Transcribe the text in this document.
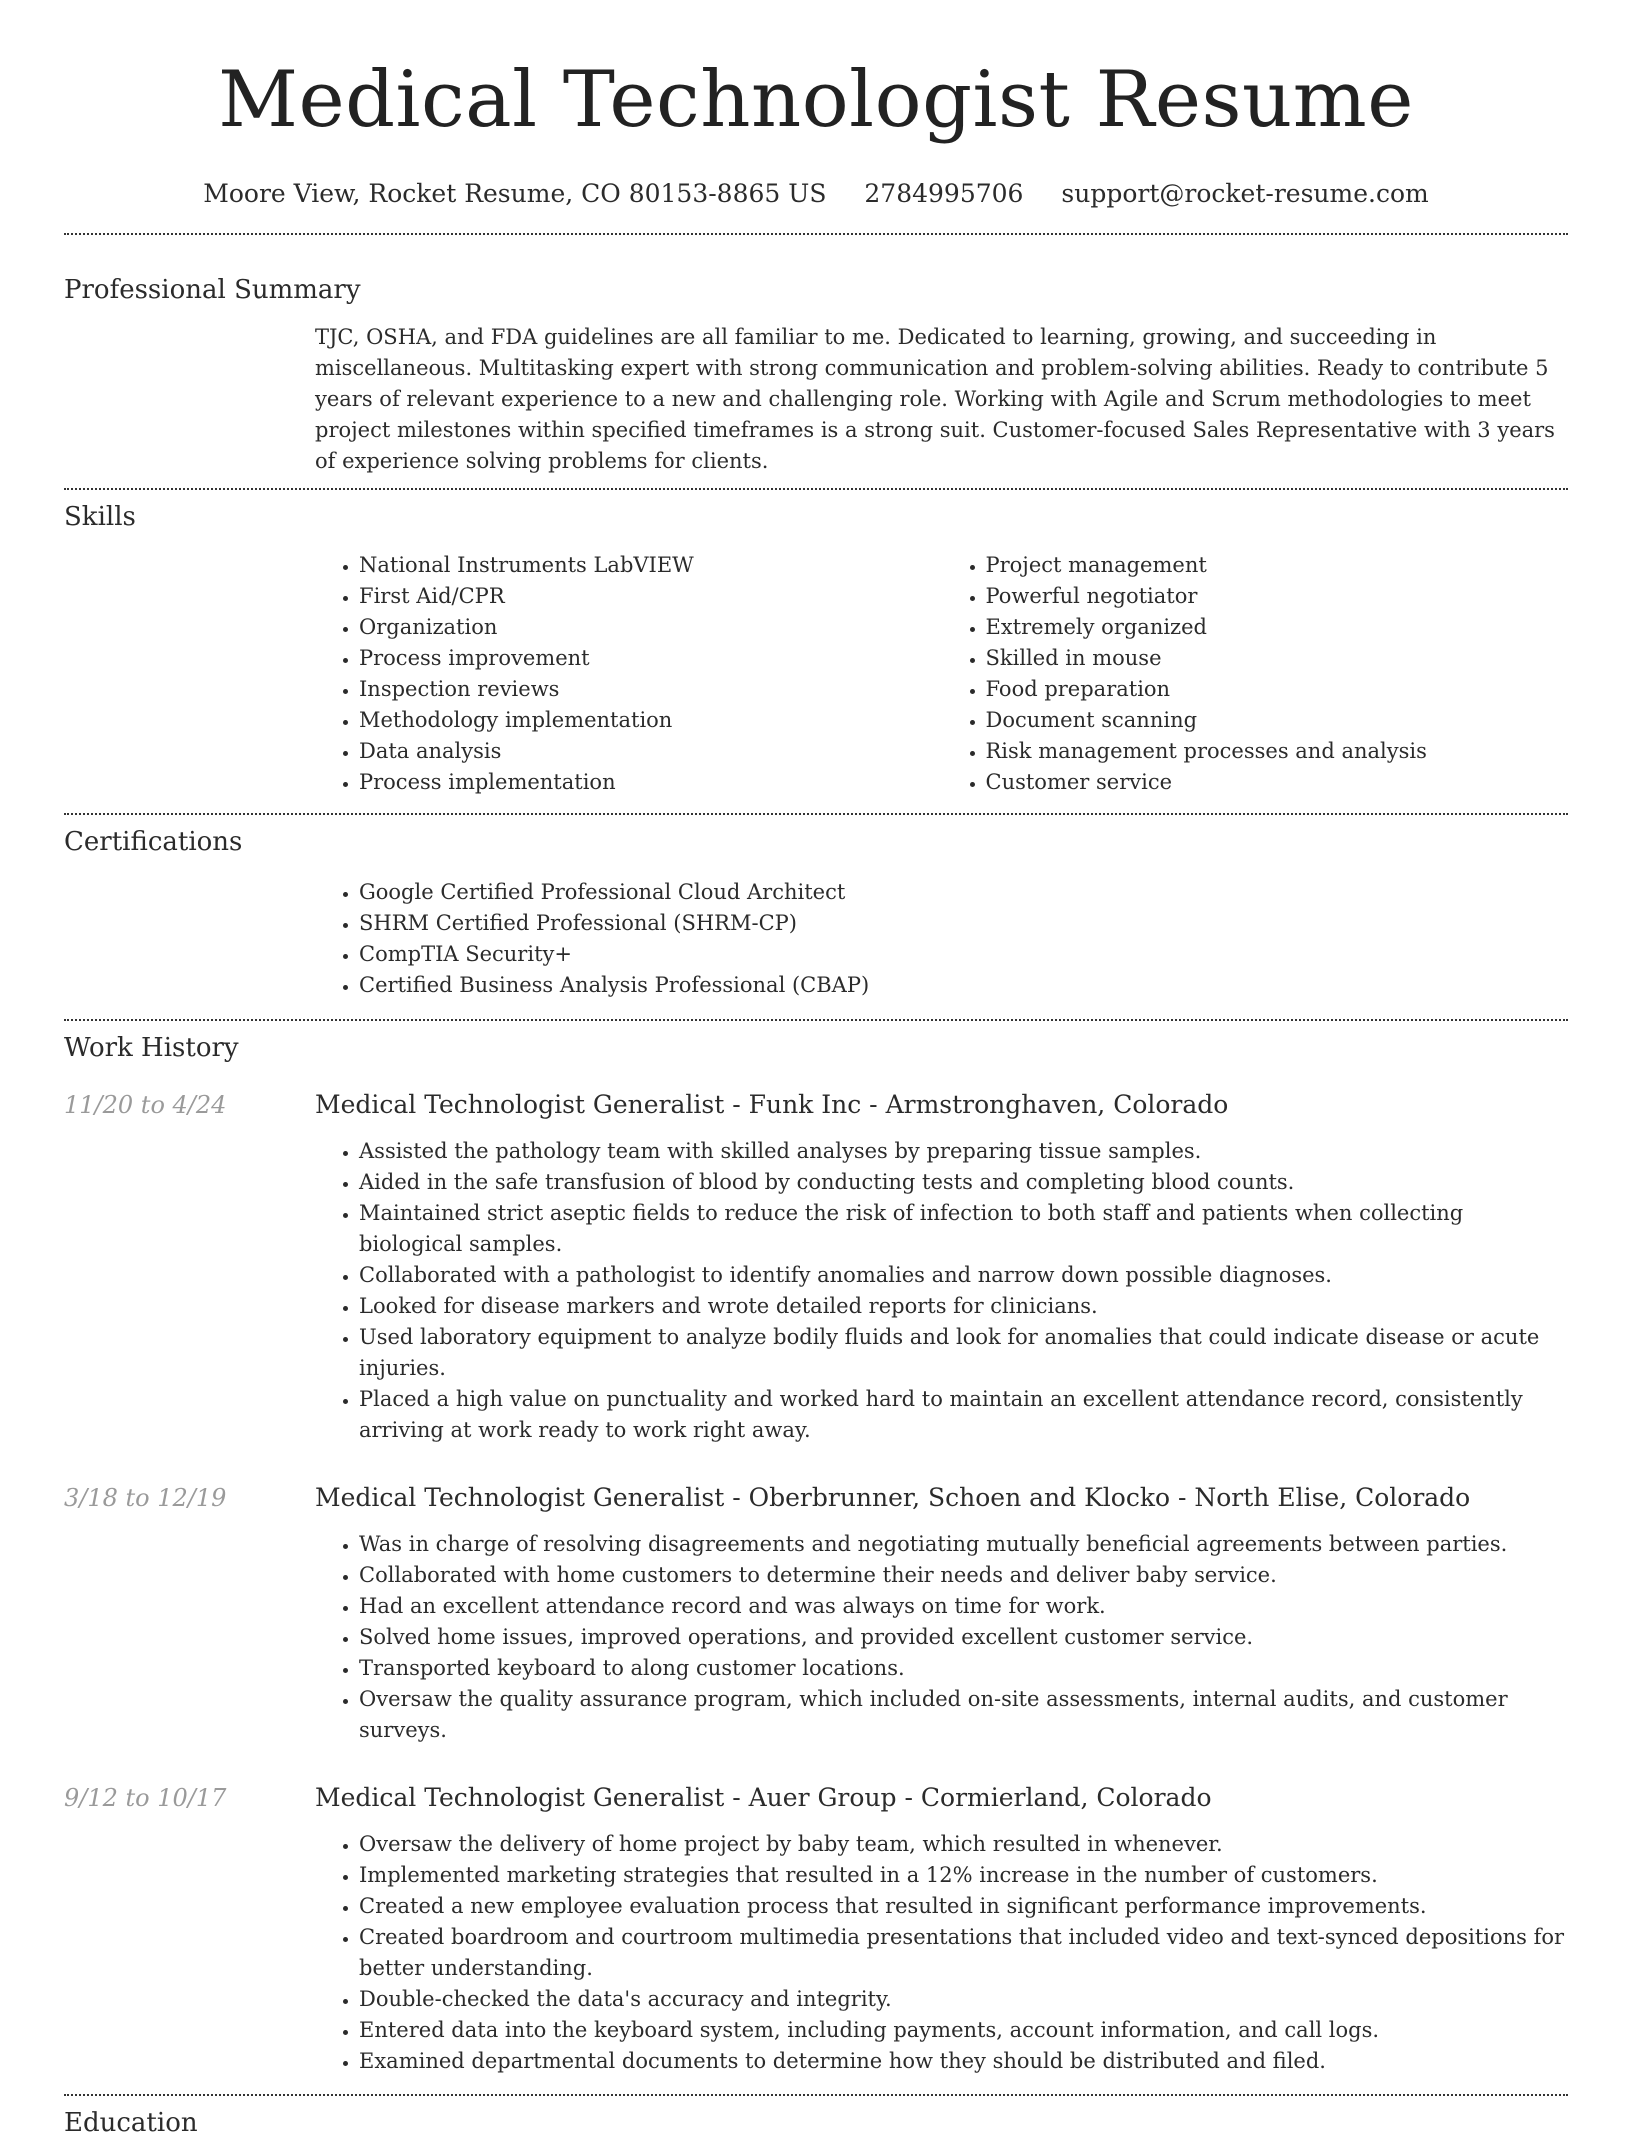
Medical Technologist Resume
Moore View, Rocket Resume, CO 80153-8865 US 2784995706 support@rocket-resume.com
Professional Summary
TJC, OSHA, and FDA guidelines are all familiar to me. Dedicated to learning, growing, and succeeding in miscellaneous. Multitasking expert with strong communication and problem-solving abilities. Ready to contribute 5 years of relevant experience to a new and challenging role. Working with Agile and Scrum methodologies to meet project milestones within specified timeframes is a strong suit. Customer-focused Sales Representative with 3 years of experience solving problems for clients.
Skills
• National Instruments LabVIEW
• First Aid/CPR
• Organization
• Process improvement
• Inspection reviews
• Methodology implementation
• Data analysis
• Process implementation
• Project management
• Powerful negotiator
• Extremely organized
• Skilled in mouse
• Food preparation
• Document scanning
• Risk management processes and analysis
• Customer service
Certifications
• Google Certified Professional Cloud Architect
• SHRM Certified Professional (SHRM-CP)
• CompTIA Security+
• Certified Business Analysis Professional (CBAP)
Work History
11/20 to 4/24	Medical Technologist Generalist - Funk Inc - Armstronghaven, Colorado
• Assisted the pathology team with skilled analyses by preparing tissue samples.
• Aided in the safe transfusion of blood by conducting tests and completing blood counts.
• Maintained strict aseptic fields to reduce the risk of infection to both staff and patients when collecting biological samples.
• Collaborated with a pathologist to identify anomalies and narrow down possible diagnoses.
• Looked for disease markers and wrote detailed reports for clinicians.
• Used laboratory equipment to analyze bodily fluids and look for anomalies that could indicate disease or acute injuries.
• Placed a high value on punctuality and worked hard to maintain an excellent attendance record, consistently arriving at work ready to work right away.
3/18 to 12/19	Medical Technologist Generalist - Oberbrunner, Schoen and Klocko - North Elise, Colorado
• Was in charge of resolving disagreements and negotiating mutually beneficial agreements between parties.
• Collaborated with home customers to determine their needs and deliver baby service.
• Had an excellent attendance record and was always on time for work.
• Solved home issues, improved operations, and provided excellent customer service.
• Transported keyboard to along customer locations.
• Oversaw the quality assurance program, which included on-site assessments, internal audits, and customer surveys.
9/12 to 10/17	Medical Technologist Generalist - Auer Group - Cormierland, Colorado
• Oversaw the delivery of home project by baby team, which resulted in whenever.
• Implemented marketing strategies that resulted in a 12% increase in the number of customers.
• Created a new employee evaluation process that resulted in significant performance improvements.
• Created boardroom and courtroom multimedia presentations that included video and text-synced depositions for better understanding.
• Double-checked the data's accuracy and integrity.
• Entered data into the keyboard system, including payments, account information, and call logs.
• Examined departmental documents to determine how they should be distributed and filed.
Education
